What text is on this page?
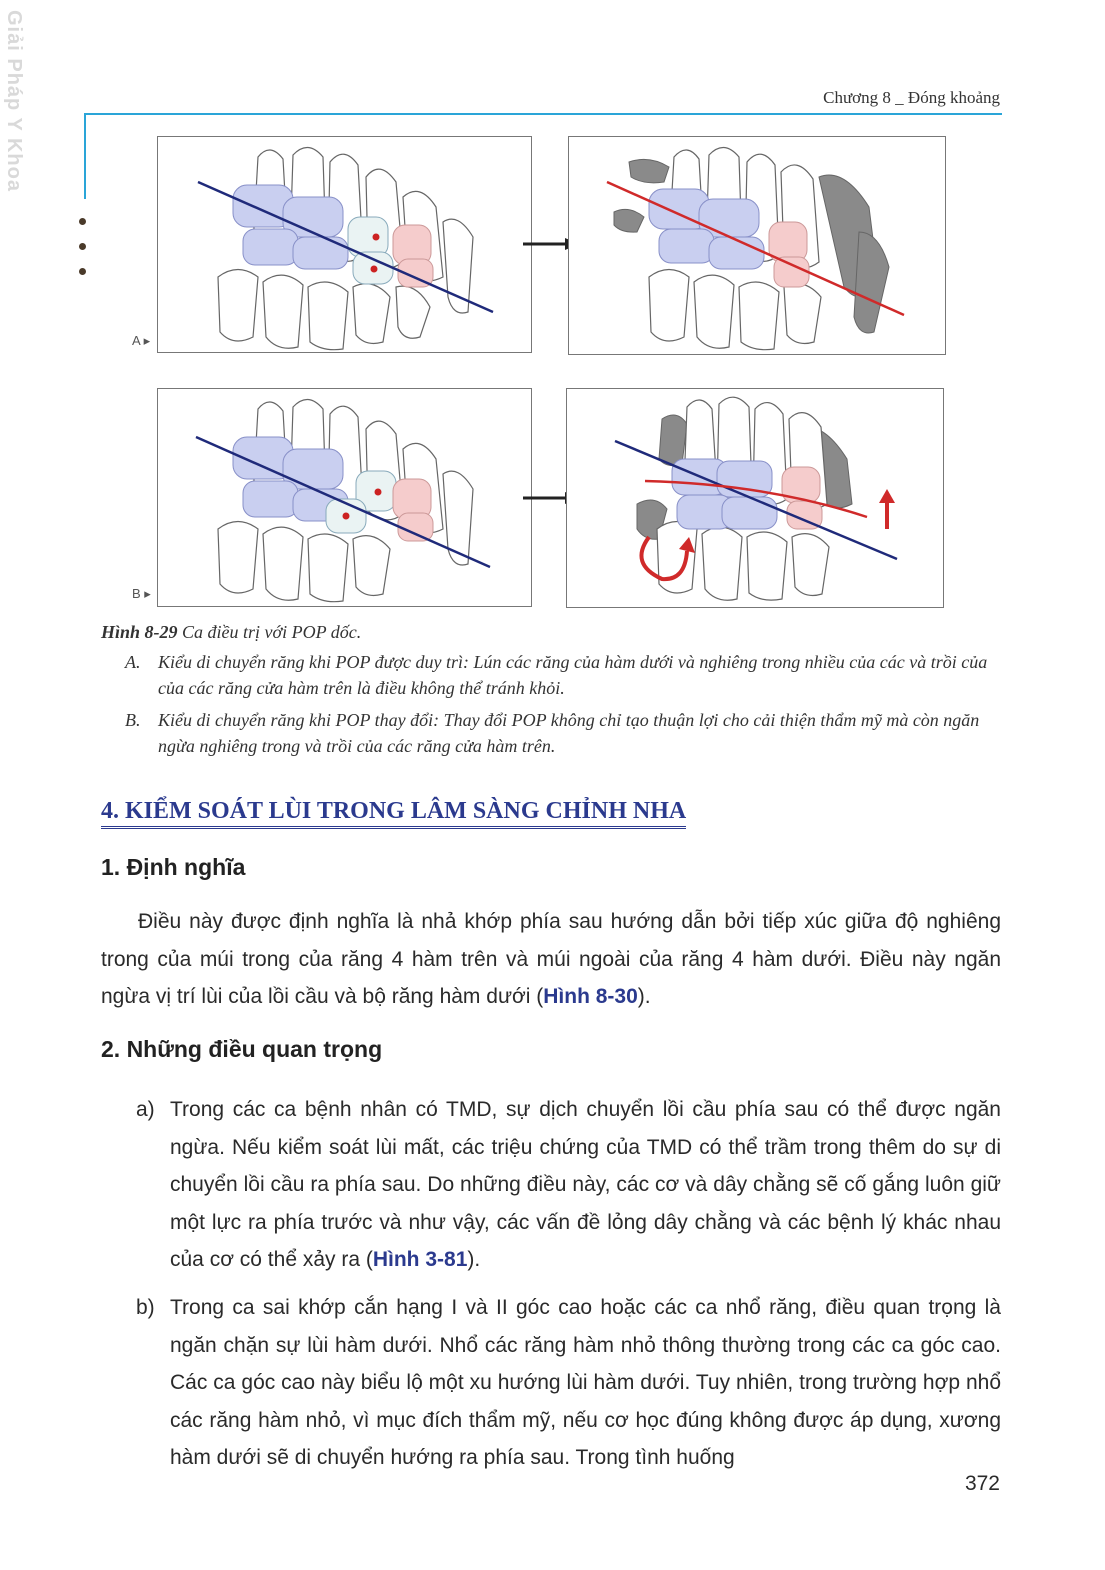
Giải Pháp Y Khoa	Chương 8 _ Đóng khoảng
A ▸
B ▸
Hình 8-29 Ca điều trị với POP dốc.
A. Kiểu di chuyển răng khi POP được duy trì: Lún các răng của hàm dưới và nghiêng trong nhiều của các và trồi của của các răng cửa hàm trên là điều không thể tránh khỏi.
B. Kiểu di chuyển răng khi POP thay đổi: Thay đổi POP không chỉ tạo thuận lợi cho cải thiện thẩm mỹ mà còn ngăn ngừa nghiêng trong và trồi của các răng cửa hàm trên.
4. KIỂM SOÁT LÙI TRONG LÂM SÀNG CHỈNH NHA
1. Định nghĩa
Điều này được định nghĩa là nhả khớp phía sau hướng dẫn bởi tiếp xúc giữa độ nghiêng trong của múi trong của răng 4 hàm trên và múi ngoài của răng 4 hàm dưới. Điều này ngăn ngừa vị trí lùi của lồi cầu và bộ răng hàm dưới (Hình 8-30).
2. Những điều quan trọng
a) Trong các ca bệnh nhân có TMD, sự dịch chuyển lồi cầu phía sau có thể được ngăn ngừa. Nếu kiểm soát lùi mất, các triệu chứng của TMD có thể trầm trong thêm do sự di chuyển lồi cầu ra phía sau. Do những điều này, các cơ và dây chằng sẽ cố gắng luôn giữ một lực ra phía trước và như vậy, các vấn đề lỏng dây chằng và các bệnh lý khác nhau của cơ có thể xảy ra (Hình 3-81).
b) Trong ca sai khớp cắn hạng I và II góc cao hoặc các ca nhổ răng, điều quan trọng là ngăn chặn sự lùi hàm dưới. Nhổ các răng hàm nhỏ thông thường trong các ca góc cao. Các ca góc cao này biểu lộ một xu hướng lùi hàm dưới. Tuy nhiên, trong trường hợp nhổ các răng hàm nhỏ, vì mục đích thẩm mỹ, nếu cơ học đúng không được áp dụng, xương hàm dưới sẽ di chuyển hướng ra phía sau. Trong tình huống
372
